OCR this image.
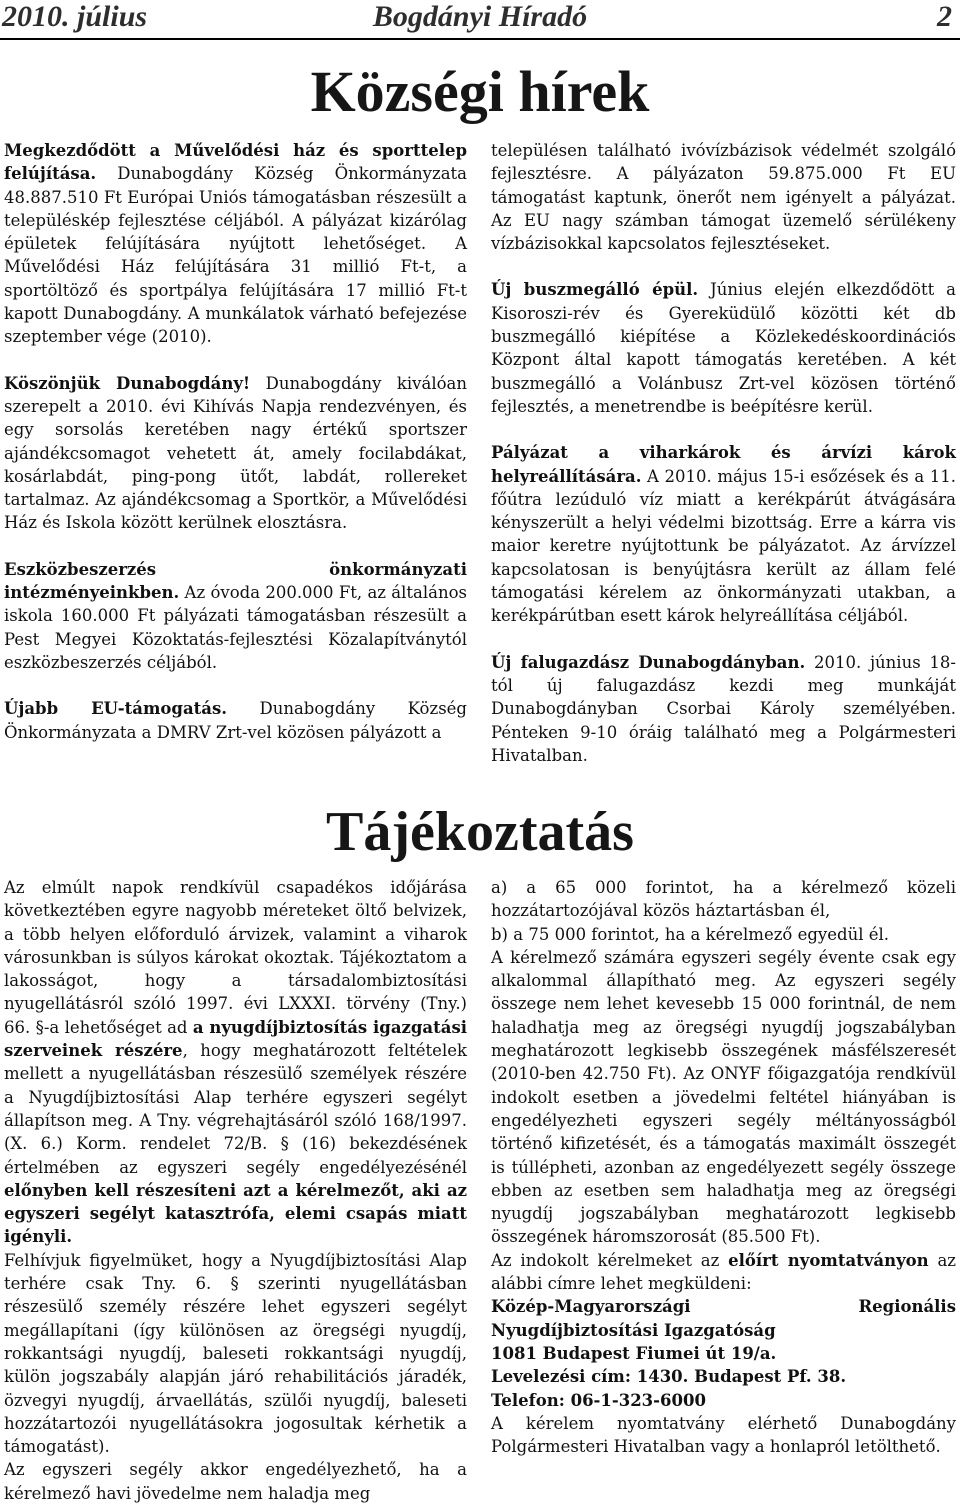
2010. július	Bogdányi Híradó	2
Községi hírek

Megkezdődött a Művelődési ház és sporttelep felújítása. Dunabogdány Község Önkormányzata 48.887.510 Ft Európai Uniós támogatásban részesült a településkép fejlesztése céljából. A pályázat kizárólag épületek felújítására nyújtott lehetőséget. A Művelődési Ház felújítására 31 millió Ft-t, a sportöltöző és sportpálya felújítására 17 millió Ft-t kapott Dunabogdány. A munkálatok várható befejezése szeptember vége (2010).

Köszönjük Dunabogdány! Dunabogdány kiválóan szerepelt a 2010. évi Kihívás Napja rendezvényen, és egy sorsolás keretében nagy értékű sportszer ajándékcsomagot vehetett át, amely focilabdákat, kosárlabdát, ping-pong ütőt, labdát, rollereket tartalmaz. Az ajándékcsomag a Sportkör, a Művelődési Ház és Iskola között kerülnek elosztásra.

Eszközbeszerzés önkormányzati intézményeinkben. Az óvoda 200.000 Ft, az általános iskola 160.000 Ft pályázati támogatásban részesült a Pest Megyei Közoktatás-fejlesztési Közalapítványtól eszközbeszerzés céljából.

Újabb EU-támogatás. Dunabogdány Község Önkormányzata a DMRV Zrt-vel közösen pályázott a

településen található ivóvízbázisok védelmét szolgáló fejlesztésre. A pályázaton 59.875.000 Ft EU támogatást kaptunk, önerőt nem igényelt a pályázat. Az EU nagy számban támogat üzemelő sérülékeny vízbázisokkal kapcsolatos fejlesztéseket.

Új buszmegálló épül. Június elején elkezdődött a Kisoroszi-rév és Gyereküdülő közötti két db buszmegálló kiépítése a Közlekedéskoordinációs Központ által kapott támogatás keretében. A két buszmegálló a Volánbusz Zrt-vel közösen történő fejlesztés, a menetrendbe is beépítésre kerül.

Pályázat a viharkárok és árvízi károk helyreállítására. A 2010. május 15-i esőzések és a 11. főútra lezúduló víz miatt a kerékpárút átvágására kényszerült a helyi védelmi bizottság. Erre a kárra vis maior keretre nyújtottunk be pályázatot. Az árvízzel kapcsolatosan is benyújtásra került az állam felé támogatási kérelem az önkormányzati utakban, a kerékpárútban esett károk helyreállítása céljából.

Új falugazdász Dunabogdányban. 2010. június 18-tól új falugazdász kezdi meg munkáját Dunabogdányban Csorbai Károly személyében. Pénteken 9-10 óráig található meg a Polgármesteri Hivatalban.

Tájékoztatás

Az elmúlt napok rendkívül csapadékos időjárása következtében egyre nagyobb méreteket öltő belvizek, a több helyen előforduló árvizek, valamint a viharok városunkban is súlyos károkat okoztak. Tájékoztatom a lakosságot, hogy a társadalombiztosítási nyugellátásról szóló 1997. évi LXXXI. törvény (Tny.) 66. §-a lehetőséget ad a nyugdíjbiztosítás igazgatási szerveinek részére, hogy meghatározott feltételek mellett a nyugellátásban részesülő személyek részére a Nyugdíjbiztosítási Alap terhére egyszeri segélyt állapítson meg. A Tny. végrehajtásáról szóló 168/1997. (X. 6.) Korm. rendelet 72/B. § (16) bekezdésének értelmében az egyszeri segély engedélyezésénél előnyben kell részesíteni azt a kérelmezőt, aki az egyszeri segélyt katasztrófa, elemi csapás miatt igényli.

Felhívjuk figyelmüket, hogy a Nyugdíjbiztosítási Alap terhére csak Tny. 6. § szerinti nyugellátásban részesülő személy részére lehet egyszeri segélyt megállapítani (így különösen az öregségi nyugdíj, rokkantsági nyugdíj, baleseti rokkantsági nyugdíj, külön jogszabály alapján járó rehabilitációs járadék, özvegyi nyugdíj, árvaellátás, szülői nyugdíj, baleseti hozzátartozói nyugellátásokra jogosultak kérhetik a támogatást).

Az egyszeri segély akkor engedélyezhető, ha a kérelmező havi jövedelme nem haladja meg

a) a 65 000 forintot, ha a kérelmező közeli hozzátartozójával közös háztartásban él,

b) a 75 000 forintot, ha a kérelmező egyedül él.

A kérelmező számára egyszeri segély évente csak egy alkalommal állapítható meg. Az egyszeri segély összege nem lehet kevesebb 15 000 forintnál, de nem haladhatja meg az öregségi nyugdíj jogszabályban meghatározott legkisebb összegének másfélszeresét (2010-ben 42.750 Ft). Az ONYF főigazgatója rendkívül indokolt esetben a jövedelmi feltétel hiányában is engedélyezheti egyszeri segély méltányosságból történő kifizetését, és a támogatás maximált összegét is túllépheti, azonban az engedélyezett segély összege ebben az esetben sem haladhatja meg az öregségi nyugdíj jogszabályban meghatározott legkisebb összegének háromszorosát (85.500 Ft).

Az indokolt kérelmeket az előírt nyomtatványon az alábbi címre lehet megküldeni:

Közép-Magyarországi Regionális Nyugdíjbiztosítási Igazgatóság

1081 Budapest Fiumei út 19/a.

Levelezési cím: 1430. Budapest Pf. 38.

Telefon: 06-1-323-6000

A kérelem nyomtatvány elérhető Dunabogdány Polgármesteri Hivatalban vagy a honlapról letölthető.
